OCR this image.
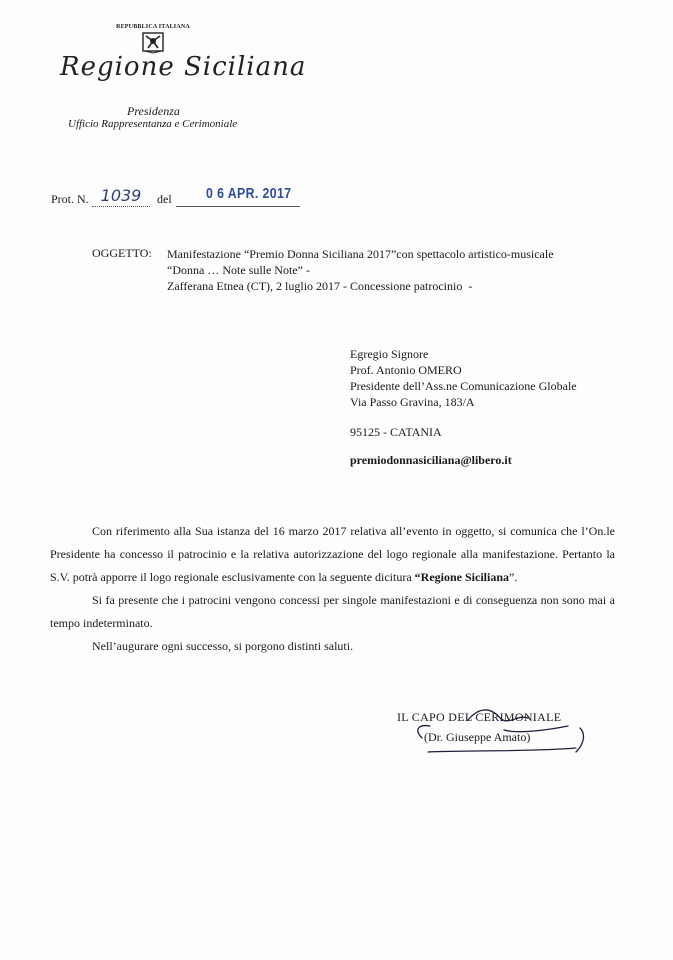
REPUBBLICA ITALIANA
Regione Siciliana
Presidenza
Ufficio Rappresentanza e Cerimoniale
Prot. N. 1039	del 0 6 APR. 2017
OGGETTO: Manifestazione “Premio Donna Siciliana 2017”con spettacolo artistico-musicale
“Donna … Note sulle Note” -
Zafferana Etnea (CT), 2 luglio 2017 - Concessione patrocinio  -
Egregio Signore
Prof. Antonio OMERO
Presidente dell’Ass.ne Comunicazione Globale
Via Passo Gravina, 183/A
95125 - CATANIA
premiodonnasiciliana@libero.it

Con riferimento alla Sua istanza del 16 marzo 2017 relativa all’evento in oggetto, si comunica che l’On.le Presidente ha concesso il patrocinio e la relativa autorizzazione del logo regionale alla manifestazione. Pertanto la S.V. potrà apporre il logo regionale esclusivamente con la seguente dicitura “Regione Siciliana”.

Si fa presente che i patrocini vengono concessi per singole manifestazioni e di conseguenza non sono mai a tempo indeterminato.

Nell’augurare ogni successo, si porgono distinti saluti.

IL CAPO DEL CERIMONIALE
(Dr. Giuseppe Amato)
